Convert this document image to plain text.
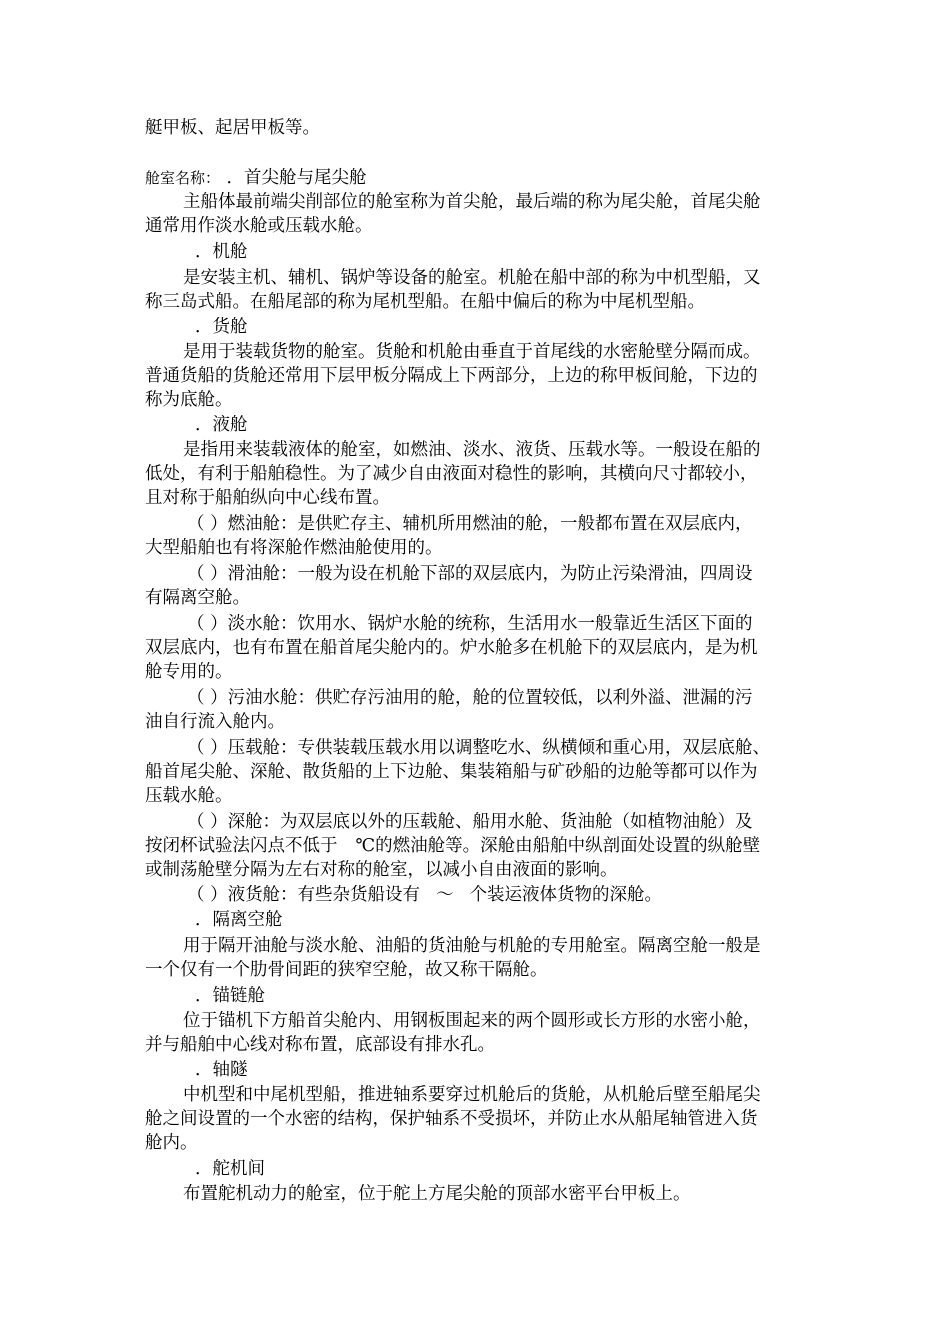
艇甲板、起居甲板等。
舱室名称： ．首尖舱与尾尖舱
主船体最前端尖削部位的舱室称为首尖舱，最后端的称为尾尖舱，首尾尖舱
通常用作淡水舱或压载水舱。
．机舱
是安装主机、辅机、锅炉等设备的舱室。机舱在船中部的称为中机型船，又
称三岛式船。在船尾部的称为尾机型船。在船中偏后的称为中尾机型船。
．货舱
是用于装载货物的舱室。货舱和机舱由垂直于首尾线的水密舱壁分隔而成。
普通货船的货舱还常用下层甲板分隔成上下两部分，上边的称甲板间舱，下边的
称为底舱。
．液舱
是指用来装载液体的舱室，如燃油、淡水、液货、压载水等。一般设在船的
低处，有利于船舶稳性。为了减少自由液面对稳性的影响，其横向尺寸都较小，
且对称于船舶纵向中心线布置。
（ ）燃油舱：是供贮存主、辅机所用燃油的舱，一般都布置在双层底内，
大型船舶也有将深舱作燃油舱使用的。
（ ）滑油舱：一般为设在机舱下部的双层底内，为防止污染滑油，四周设
有隔离空舱。
（ ）淡水舱：饮用水、锅炉水舱的统称，生活用水一般靠近生活区下面的
双层底内，也有布置在船首尾尖舱内的。炉水舱多在机舱下的双层底内，是为机
舱专用的。
（ ）污油水舱：供贮存污油用的舱，舱的位置较低，以利外溢、泄漏的污
油自行流入舱内。
（ ）压载舱：专供装载压载水用以调整吃水、纵横倾和重心用，双层底舱、
船首尾尖舱、深舱、散货船的上下边舱、集装箱船与矿砂船的边舱等都可以作为
压载水舱。
（ ）深舱：为双层底以外的压载舱、船用水舱、货油舱（如植物油舱）及
按闭杯试验法闪点不低于 ℃的燃油舱等。深舱由船舶中纵剖面处设置的纵舱壁
或制荡舱壁分隔为左右对称的舱室，以减小自由液面的影响。
（ ）液货舱：有些杂货船设有 ～ 个装运液体货物的深舱。
．隔离空舱
用于隔开油舱与淡水舱、油船的货油舱与机舱的专用舱室。隔离空舱一般是
一个仅有一个肋骨间距的狭窄空舱，故又称干隔舱。
．锚链舱
位于锚机下方船首尖舱内、用钢板围起来的两个圆形或长方形的水密小舱，
并与船舶中心线对称布置，底部设有排水孔。
．轴隧
中机型和中尾机型船，推进轴系要穿过机舱后的货舱，从机舱后壁至船尾尖
舱之间设置的一个水密的结构，保护轴系不受损坏，并防止水从船尾轴管进入货
舱内。
．舵机间
布置舵机动力的舱室，位于舵上方尾尖舱的顶部水密平台甲板上。
